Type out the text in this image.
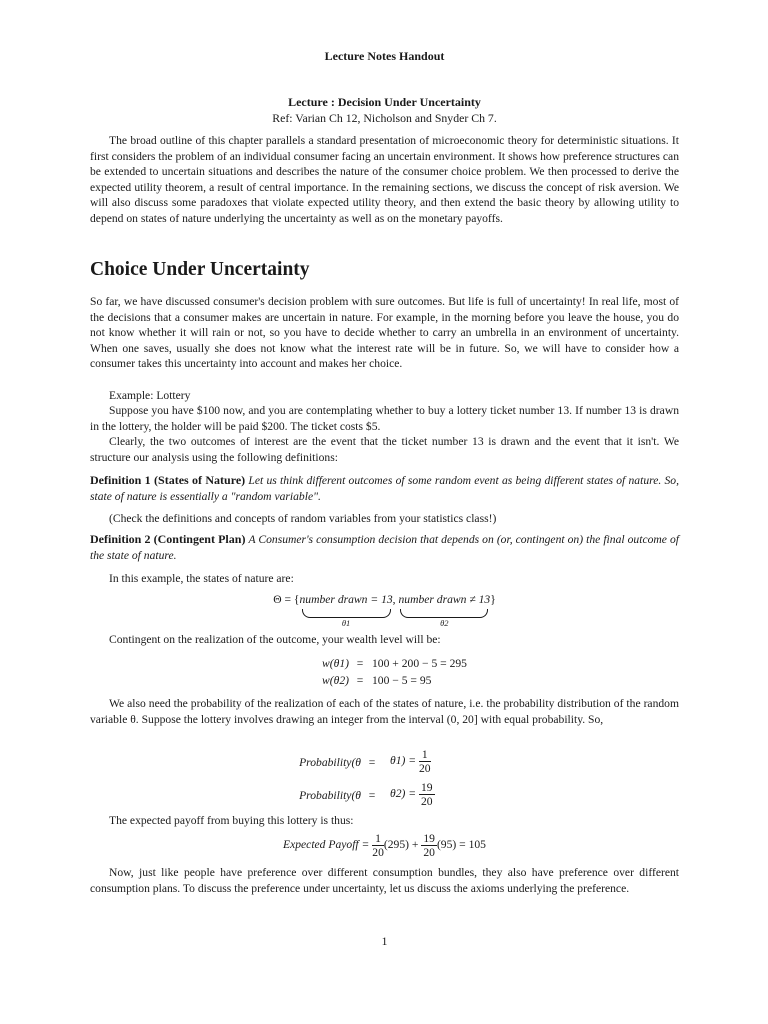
Lecture Notes Handout
Lecture : Decision Under Uncertainty
Ref: Varian Ch 12, Nicholson and Snyder Ch 7.

The broad outline of this chapter parallels a standard presentation of microeconomic theory for deterministic situations. It first considers the problem of an individual consumer facing an uncertain environment. It shows how preference structures can be extended to uncertain situations and describes the nature of the consumer choice problem. We then processed to derive the expected utility theorem, a result of central importance. In the remaining sections, we discuss the concept of risk aversion. We will also discuss some paradoxes that violate expected utility theory, and then extend the basic theory by allowing utility to depend on states of nature underlying the uncertainty as well as on the monetary payoffs.

Choice Under Uncertainty

So far, we have discussed consumer's decision problem with sure outcomes. But life is full of uncertainty! In real life, most of the decisions that a consumer makes are uncertain in nature. For example, in the morning before you leave the house, you do not know whether it will rain or not, so you have to decide whether to carry an umbrella in an environment of uncertainty. When one saves, usually she does not know what the interest rate will be in future. So, we will have to consider how a consumer takes this uncertainty into account and makes her choice.

Example: Lottery

Suppose you have $100 now, and you are contemplating whether to buy a lottery ticket number 13. If number 13 is drawn in the lottery, the holder will be paid $200. The ticket costs $5.

Clearly, the two outcomes of interest are the event that the ticket number 13 is drawn and the event that it isn't. We structure our analysis using the following definitions:

Definition 1 (States of Nature) Let us think different outcomes of some random event as being different states of nature. So, state of nature is essentially a "random variable".

(Check the definitions and concepts of random variables from your statistics class!)

Definition 2 (Contingent Plan) A Consumer's consumption decision that depends on (or, contingent on) the final outcome of the state of nature.

In this example, the states of nature are:

Θ = {number drawn = 13
θ1
, number drawn ≠ 13
θ2
}

Contingent on the realization of the outcome, your wealth level will be:

w(θ1) = 100 + 200 − 5 = 295
w(θ2) = 100 − 5 = 95

We also need the probability of the realization of each of the states of nature, i.e. the probability distribution of the random variable θ. Suppose the lottery involves drawing an integer from the interval (0, 20] with equal probability. So,

Probability(θ =	$\theta 1) = \frac{1}{20}$
Probability(θ =	$\theta 2) = \frac{19}{20}$

The expected payoff from buying this lottery is thus:

Expected Payoff = $\frac{1}{20} (295) + \frac{19}{20} (95) = 105$

Now, just like people have preference over different consumption bundles, they also have preference over different consumption plans. To discuss the preference under uncertainty, let us discuss the axioms underlying the preference.

1
